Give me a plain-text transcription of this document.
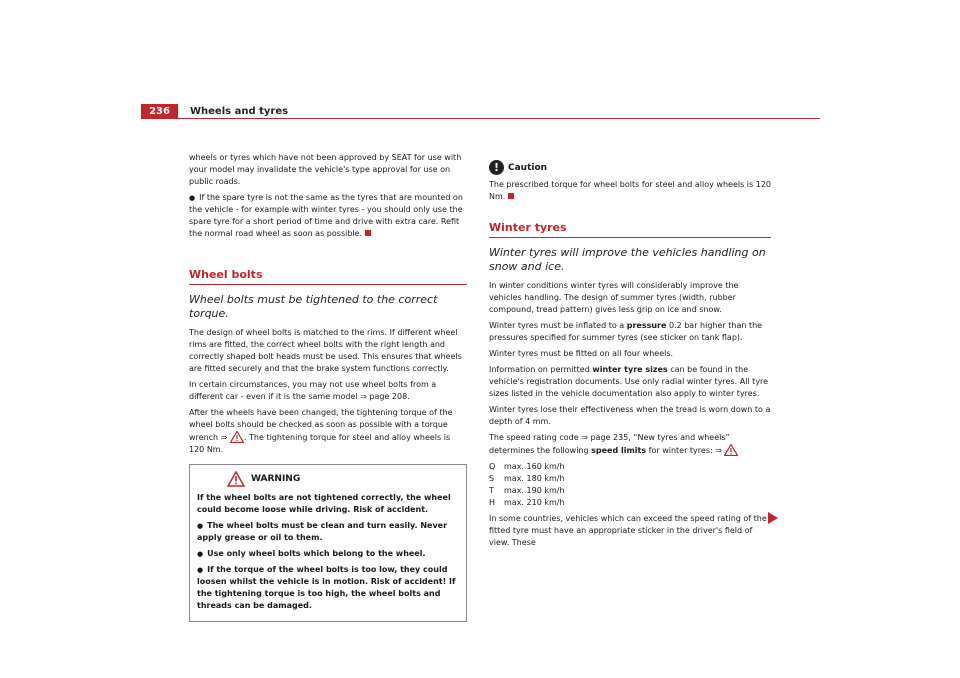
236	Wheels and tyres

wheels or tyres which have not been approved by SEAT for use with your model may invalidate the vehicle's type approval for use on public roads.

● If the spare tyre is not the same as the tyres that are mounted on the vehicle - for example with winter tyres - you should only use the spare tyre for a short period of time and drive with extra care. Refit the normal road wheel as soon as possible.

Wheel bolts

Wheel bolts must be tightened to the correct torque.

The design of wheel bolts is matched to the rims. If different wheel rims are fitted, the correct wheel bolts with the right length and correctly shaped bolt heads must be used. This ensures that wheels are fitted securely and that the brake system functions correctly.

In certain circumstances, you may not use wheel bolts from a different car - even if it is the same model ⇒ page 208.

After the wheels have been changed, the tightening torque of the wheel bolts should be checked as soon as possible with a torque wrench ⇒ . The tightening torque for steel and alloy wheels is 120 Nm.

WARNING

If the wheel bolts are not tightened correctly, the wheel could become loose while driving. Risk of accident.

● The wheel bolts must be clean and turn easily. Never apply grease or oil to them.

● Use only wheel bolts which belong to the wheel.

● If the torque of the wheel bolts is too low, they could loosen whilst the vehicle is in motion. Risk of accident! If the tightening torque is too high, the wheel bolts and threads can be damaged.

! Caution

The prescribed torque for wheel bolts for steel and alloy wheels is 120 Nm.

Winter tyres

Winter tyres will improve the vehicles handling on snow and ice.

In winter conditions winter tyres will considerably improve the vehicles handling. The design of summer tyres (width, rubber compound, tread pattern) gives less grip on ice and snow.

Winter tyres must be inflated to a pressure 0.2 bar higher than the pressures specified for summer tyres (see sticker on tank flap).

Winter tyres must be fitted on all four wheels.

Information on permitted winter tyre sizes can be found in the vehicle's registration documents. Use only radial winter tyres. All tyre sizes listed in the vehicle documentation also apply to winter tyres.

Winter tyres lose their effectiveness when the tread is worn down to a depth of 4 mm.

The speed rating code ⇒ page 235, “New tyres and wheels” determines the following speed limits for winter tyres: ⇒

Q	max. 160 km/h
S	max. 180 km/h
T	max. 190 km/h
H	max. 210 km/h

In some countries, vehicles which can exceed the speed rating of the fitted tyre must have an appropriate sticker in the driver's field of view. These
